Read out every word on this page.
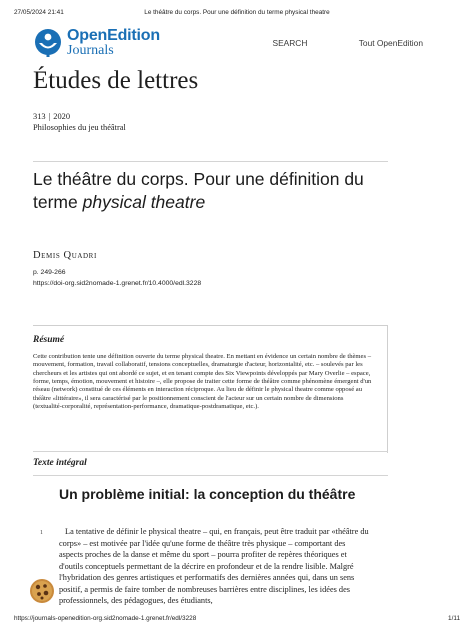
27/05/2024 21:41	Le théâtre du corps. Pour une définition du terme physical theatre
OpenEdition
Journals	SEARCH	Tout OpenEdition
Études de lettres
313 | 2020
Philosophies du jeu théâtral
Le théâtre du corps. Pour une définition du terme physical theatre
Demis Quadri
p. 249-266
https://doi-org.sid2nomade-1.grenet.fr/10.4000/edl.3228
Résumé

Cette contribution tente une définition ouverte du terme physical theatre. En mettant en évidence un certain nombre de thèmes – mouvement, formation, travail collaboratif, tensions conceptuelles, dramaturgie d'acteur, horizontalité, etc. – soulevés par les chercheurs et les artistes qui ont abordé ce sujet, et en tenant compte des Six Viewpoints développés par Mary Overlie – espace, forme, temps, émotion, mouvement et histoire –, elle propose de traiter cette forme de théâtre comme phénomène émergent d'un réseau (network) constitué de ces éléments en interaction réciproque. Au lieu de définir le physical theatre comme opposé au théâtre «littéraire», il sera caractérisé par le positionnement conscient de l'acteur sur un certain nombre de dimensions (textualité-corporalité, représentation-performance, dramatique-postdramatique, etc.).

Texte intégral
Un problème initial: la conception du théâtre
1	La tentative de définir le physical theatre – qui, en français, peut être traduit par «théâtre du corps» – est motivée par l'idée qu'une forme de théâtre très physique – comportant des aspects proches de la danse et même du sport – pourra profiter de repères théoriques et d'outils conceptuels permettant de la décrire en profondeur et de la rendre lisible. Malgré l'hybridation des genres artistiques et performatifs des dernières années qui, dans un sens positif, a permis de faire tomber de nombreuses barrières entre disciplines, les idées des professionnels, des pédagogues, des étudiants,

https://journals-openedition-org.sid2nomade-1.grenet.fr/edl/3228	1/11
